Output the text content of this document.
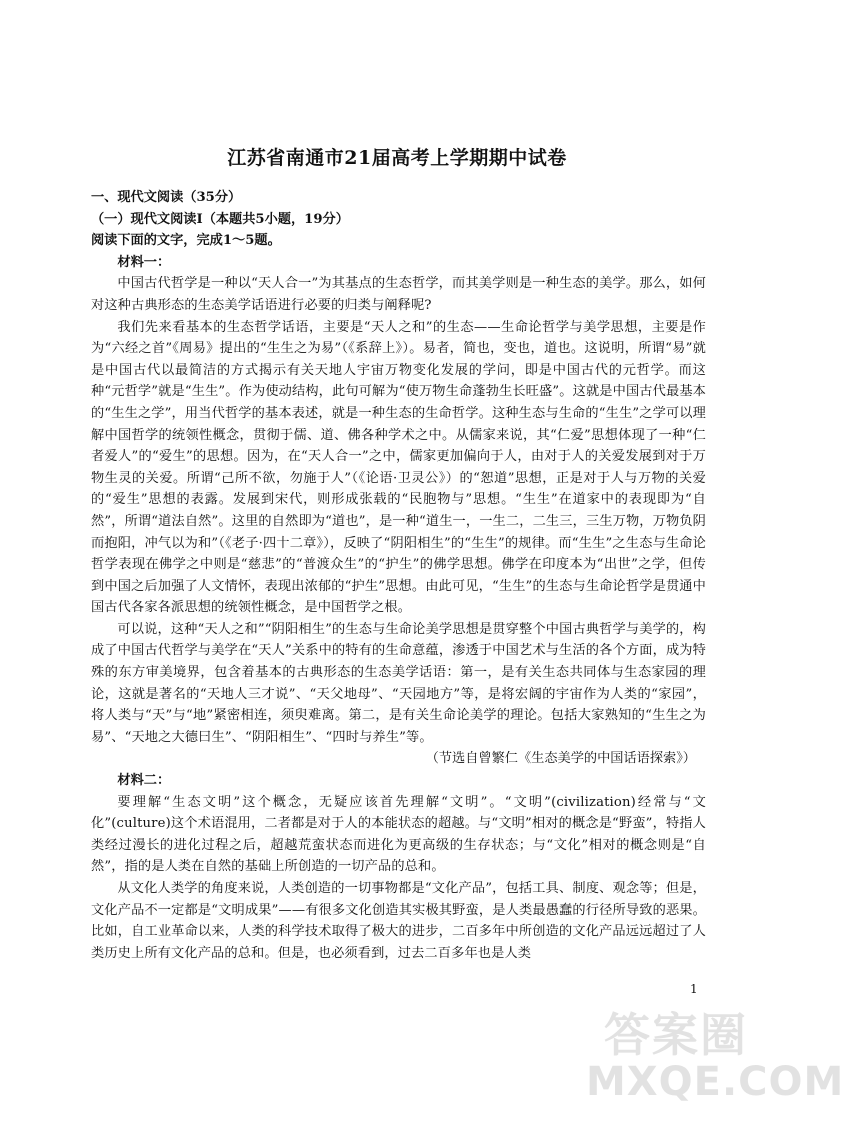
江苏省南通市21届高考上学期期中试卷

一、现代文阅读（35分）

（一）现代文阅读Ⅰ（本题共5小题，19分）

阅读下面的文字，完成1～5题。

材料一：

中国古代哲学是一种以“天人合一”为其基点的生态哲学，而其美学则是一种生态的美学。那么，如何对这种古典形态的生态美学话语进行必要的归类与阐释呢?

我们先来看基本的生态哲学话语，主要是“天人之和”的生态——生命论哲学与美学思想，主要是作为“六经之首”《周易》提出的“生生之为易”（《系辞上》）。易者，简也，变也，道也。这说明，所谓“易”就是中国古代以最简洁的方式揭示有关天地人宇宙万物变化发展的学问，即是中国古代的元哲学。而这种“元哲学”就是“生生”。作为使动结构，此句可解为“使万物生命蓬勃生长旺盛”。这就是中国古代最基本的“生生之学”，用当代哲学的基本表述，就是一种生态的生命哲学。这种生态与生命的“生生”之学可以理解中国哲学的统领性概念，贯彻于儒、道、佛各种学术之中。从儒家来说，其“仁爱”思想体现了一种“仁者爱人”的“爱生”的思想。因为，在“天人合一”之中，儒家更加偏向于人，由对于人的关爱发展到对于万物生灵的关爱。所谓“己所不欲，勿施于人”（《论语·卫灵公》）的“恕道”思想，正是对于人与万物的关爱的“爱生”思想的表露。发展到宋代，则形成张载的“民胞物与”思想。“生生”在道家中的表现即为“自然”，所谓“道法自然”。这里的自然即为“道也”，是一种“道生一，一生二，二生三，三生万物，万物负阴而抱阳，冲气以为和”（《老子·四十二章》），反映了“阴阳相生”的“生生”的规律。而“生生”之生态与生命论哲学表现在佛学之中则是“慈悲”的“普渡众生”的“护生”的佛学思想。佛学在印度本为“出世”之学，但传到中国之后加强了人文情怀，表现出浓郁的“护生”思想。由此可见，“生生”的生态与生命论哲学是贯通中国古代各家各派思想的统领性概念，是中国哲学之根。

可以说，这种“天人之和”“阴阳相生”的生态与生命论美学思想是贯穿整个中国古典哲学与美学的，构成了中国古代哲学与美学在“天人”关系中的特有的生命意蕴，渗透于中国艺术与生活的各个方面，成为特殊的东方审美境界，包含着基本的古典形态的生态美学话语：第一，是有关生态共同体与生态家园的理论，这就是著名的“天地人三才说”、“天父地母”、“天园地方”等，是将宏阔的宇宙作为人类的“家园”，将人类与“天”与“地”紧密相连，须臾难离。第二，是有关生命论美学的理论。包括大家熟知的“生生之为易”、“天地之大德曰生”、“阴阳相生”、“四时与养生”等。

（节选自曾繁仁《生态美学的中国话语探索》）

材料二：

要理解“生态文明”这个概念，无疑应该首先理解“文明”。“文明”(civilization)经常与“文化”(culture)这个术语混用，二者都是对于人的本能状态的超越。与“文明”相对的概念是“野蛮”，特指人类经过漫长的进化过程之后，超越荒蛮状态而进化为更高级的生存状态；与“文化”相对的概念则是“自然”，指的是人类在自然的基础上所创造的一切产品的总和。

从文化人类学的角度来说，人类创造的一切事物都是“文化产品”，包括工具、制度、观念等；但是，文化产品不一定都是“文明成果”——有很多文化创造其实极其野蛮，是人类最愚蠢的行径所导致的恶果。比如，自工业革命以来，人类的科学技术取得了极大的进步，二百多年中所创造的文化产品远远超过了人类历史上所有文化产品的总和。但是，也必须看到，过去二百多年也是人类

1
答案圈
MXQE.COM
